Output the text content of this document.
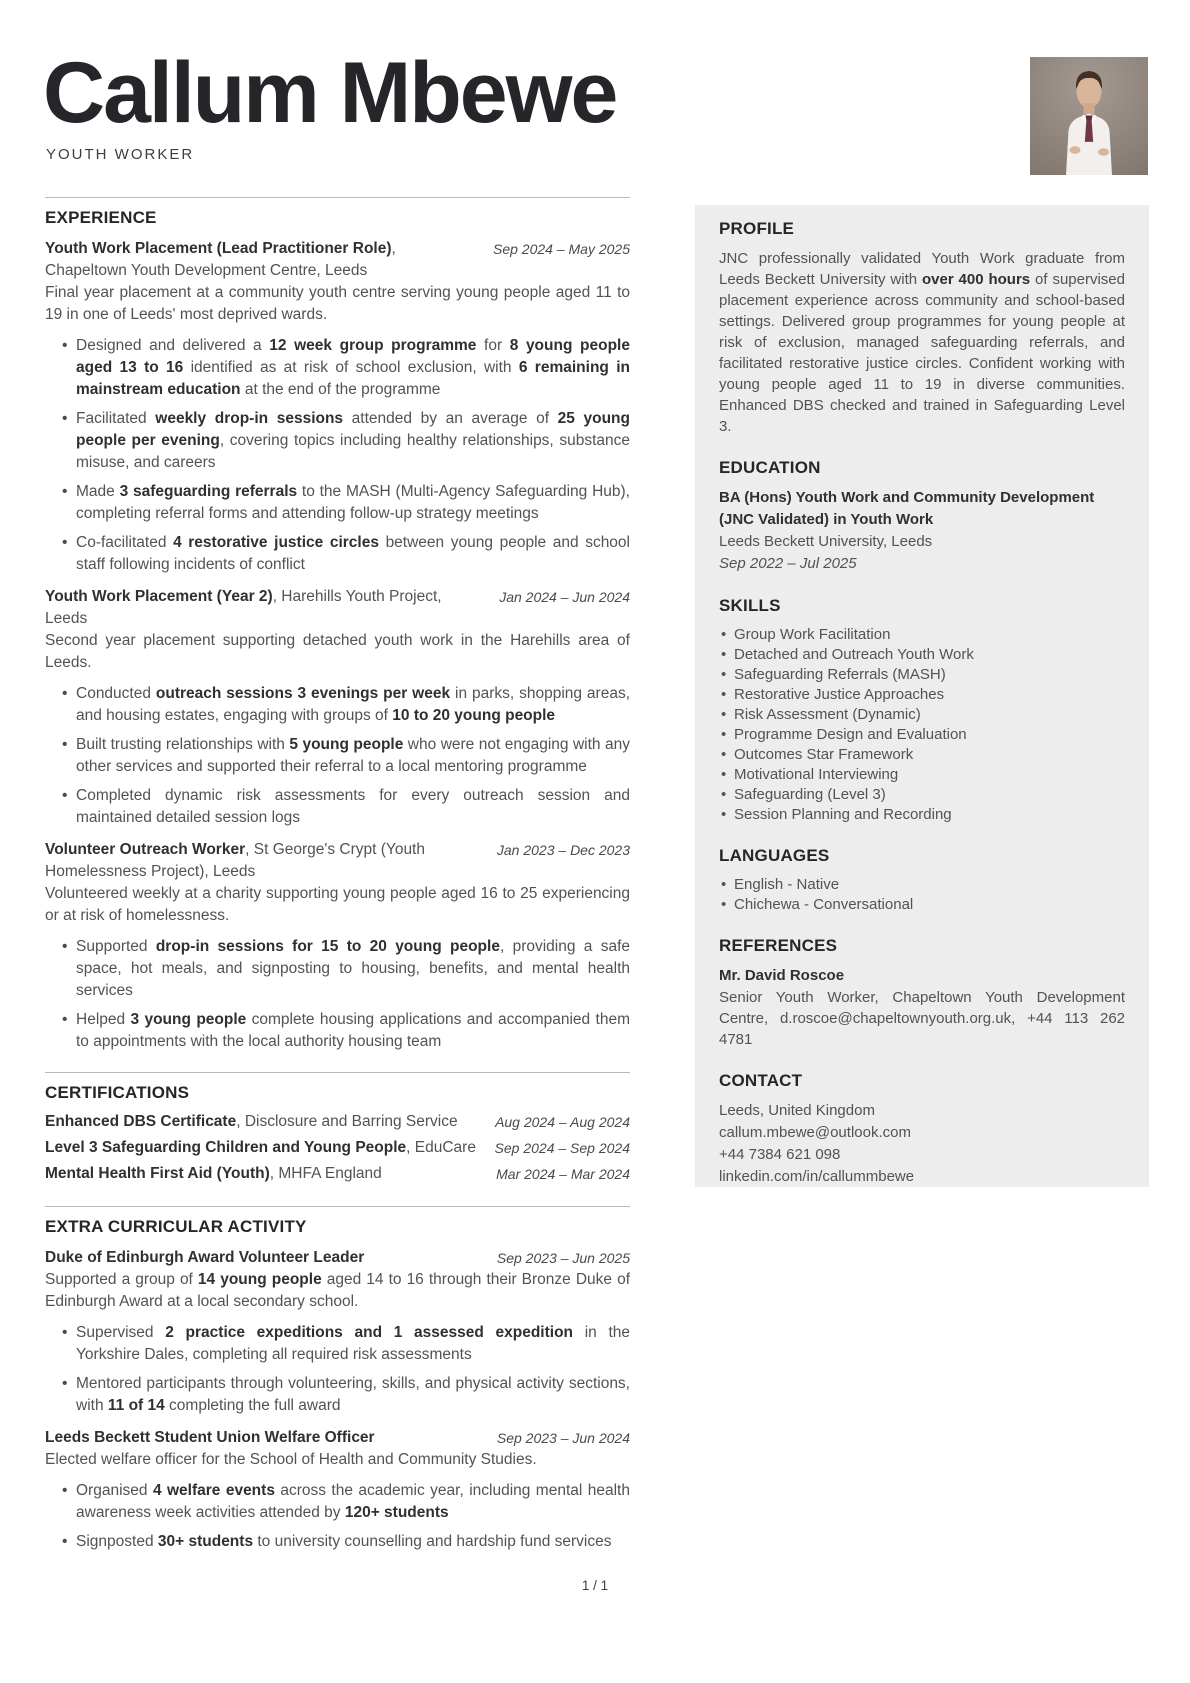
Callum Mbewe
YOUTH WORKER
EXPERIENCE
Sep 2024 – May 2025
Youth Work Placement (Lead Practitioner Role), Chapeltown Youth Development Centre, Leeds

Final year placement at a community youth centre serving young people aged 11 to 19 in one of Leeds' most deprived wards.

• Designed and delivered a 12 week group programme for 8 young people aged 13 to 16 identified as at risk of school exclusion, with 6 remaining in mainstream education at the end of the programme
• Facilitated weekly drop-in sessions attended by an average of 25 young people per evening, covering topics including healthy relationships, substance misuse, and careers
• Made 3 safeguarding referrals to the MASH (Multi-Agency Safeguarding Hub), completing referral forms and attending follow-up strategy meetings
• Co-facilitated 4 restorative justice circles between young people and school staff following incidents of conflict
Jan 2024 – Jun 2024
Youth Work Placement (Year 2), Harehills Youth Project, Leeds

Second year placement supporting detached youth work in the Harehills area of Leeds.

• Conducted outreach sessions 3 evenings per week in parks, shopping areas, and housing estates, engaging with groups of 10 to 20 young people
• Built trusting relationships with 5 young people who were not engaging with any other services and supported their referral to a local mentoring programme
• Completed dynamic risk assessments for every outreach session and maintained detailed session logs
Jan 2023 – Dec 2023
Volunteer Outreach Worker, St George's Crypt (Youth Homelessness Project), Leeds

Volunteered weekly at a charity supporting young people aged 16 to 25 experiencing or at risk of homelessness.

• Supported drop-in sessions for 15 to 20 young people, providing a safe space, hot meals, and signposting to housing, benefits, and mental health services
• Helped 3 young people complete housing applications and accompanied them to appointments with the local authority housing team
CERTIFICATIONS
Aug 2024 – Aug 2024
Enhanced DBS Certificate, Disclosure and Barring Service
Sep 2024 – Sep 2024
Level 3 Safeguarding Children and Young People, EduCare
Mar 2024 – Mar 2024
Mental Health First Aid (Youth), MHFA England
EXTRA CURRICULAR ACTIVITY
Sep 2023 – Jun 2025
Duke of Edinburgh Award Volunteer Leader

Supported a group of 14 young people aged 14 to 16 through their Bronze Duke of Edinburgh Award at a local secondary school.

• Supervised 2 practice expeditions and 1 assessed expedition in the Yorkshire Dales, completing all required risk assessments
• Mentored participants through volunteering, skills, and physical activity sections, with 11 of 14 completing the full award
Sep 2023 – Jun 2024
Leeds Beckett Student Union Welfare Officer

Elected welfare officer for the School of Health and Community Studies.

• Organised 4 welfare events across the academic year, including mental health awareness week activities attended by 120+ students
• Signposted 30+ students to university counselling and hardship fund services
PROFILE

JNC professionally validated Youth Work graduate from Leeds Beckett University with over 400 hours of supervised placement experience across community and school-based settings. Delivered group programmes for young people at risk of exclusion, managed safeguarding referrals, and facilitated restorative justice circles. Confident working with young people aged 11 to 19 in diverse communities. Enhanced DBS checked and trained in Safeguarding Level 3.

EDUCATION
BA (Hons) Youth Work and Community Development (JNC Validated) in Youth Work
Leeds Beckett University, Leeds
Sep 2022 – Jul 2025
SKILLS
• Group Work Facilitation
• Detached and Outreach Youth Work
• Safeguarding Referrals (MASH)
• Restorative Justice Approaches
• Risk Assessment (Dynamic)
• Programme Design and Evaluation
• Outcomes Star Framework
• Motivational Interviewing
• Safeguarding (Level 3)
• Session Planning and Recording
LANGUAGES
• English - Native
• Chichewa - Conversational
REFERENCES
Mr. David Roscoe

Senior Youth Worker, Chapeltown Youth Development Centre, d.roscoe@chapeltownyouth.org.uk, +44 113 262 4781

CONTACT
Leeds, United Kingdom
callum.mbewe@outlook.com
+44 7384 621 098
linkedin.com/in/callummbewe
1 / 1
